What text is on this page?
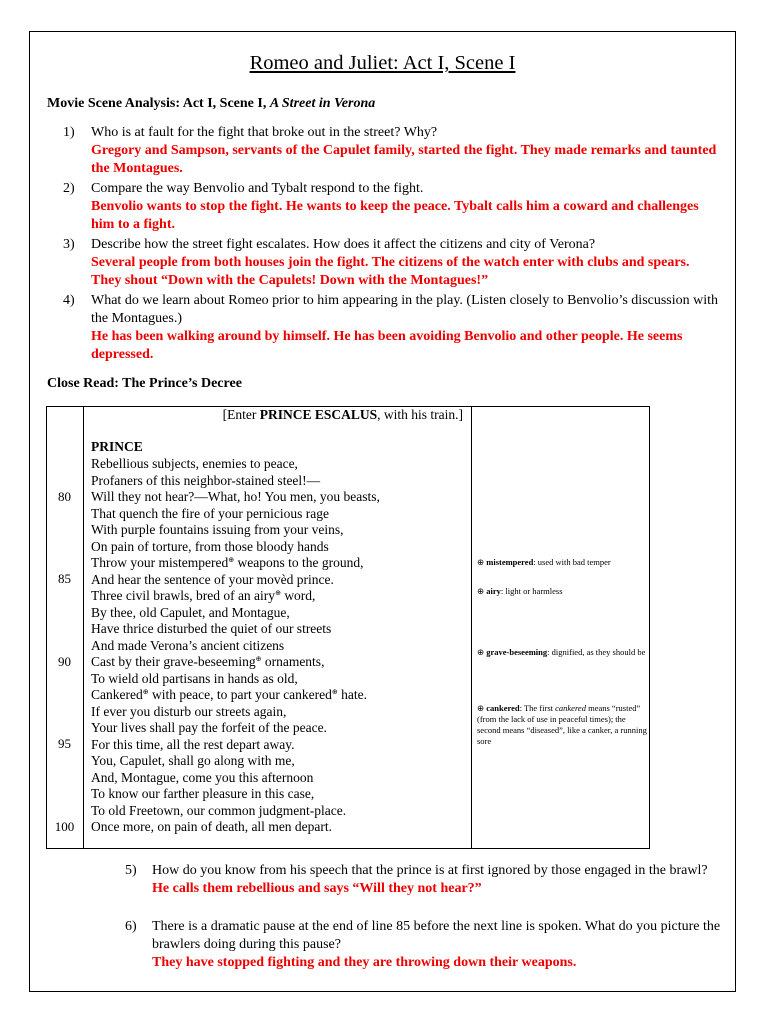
Romeo and Juliet: Act I, Scene I
Movie Scene Analysis: Act I, Scene I, A Street in Verona
1) Who is at fault for the fight that broke out in the street? Why?
Gregory and Sampson, servants of the Capulet family, started the fight. They made remarks and taunted the Montagues.
2) Compare the way Benvolio and Tybalt respond to the fight.
Benvolio wants to stop the fight. He wants to keep the peace. Tybalt calls him a coward and challenges him to a fight.
3) Describe how the street fight escalates. How does it affect the citizens and city of Verona?
Several people from both houses join the fight. The citizens of the watch enter with clubs and spears. They shout “Down with the Capulets! Down with the Montagues!”
4) What do we learn about Romeo prior to him appearing in the play. (Listen closely to Benvolio’s discussion with the Montagues.)
He has been walking around by himself. He has been avoiding Benvolio and other people. He seems depressed.
Close Read: The Prince’s Decree
80
85
90
95
100
[Enter PRINCE ESCALUS, with his train.]
PRINCE
Rebellious subjects, enemies to peace,
Profaners of this neighbor-stained steel!—
Will they not hear?—What, ho! You men, you beasts,
That quench the fire of your pernicious rage
With purple fountains issuing from your veins,
On pain of torture, from those bloody hands
Throw your mistempered⊕ weapons to the ground,
And hear the sentence of your movèd prince.
Three civil brawls, bred of an airy⊕ word,
By thee, old Capulet, and Montague,
Have thrice disturbed the quiet of our streets
And made Verona’s ancient citizens
Cast by their grave-beseeming⊕ ornaments,
To wield old partisans in hands as old,
Cankered⊕ with peace, to part your cankered⊕ hate.
If ever you disturb our streets again,
Your lives shall pay the forfeit of the peace.
For this time, all the rest depart away.
You, Capulet, shall go along with me,
And, Montague, come you this afternoon
To know our farther pleasure in this case,
To old Freetown, our common judgment-place.
Once more, on pain of death, all men depart.
⊕ mistempered: used with bad temper
⊕ airy: light or harmless
⊕ grave-beseeming: dignified, as they should be
⊕ cankered: The first cankered means “rusted” (from the lack of use in peaceful times); the second means “diseased”, like a canker, a running sore
5) How do you know from his speech that the prince is at first ignored by those engaged in the brawl?
He calls them rebellious and says “Will they not hear?”
6) There is a dramatic pause at the end of line 85 before the next line is spoken. What do you picture the brawlers doing during this pause?
They have stopped fighting and they are throwing down their weapons.
